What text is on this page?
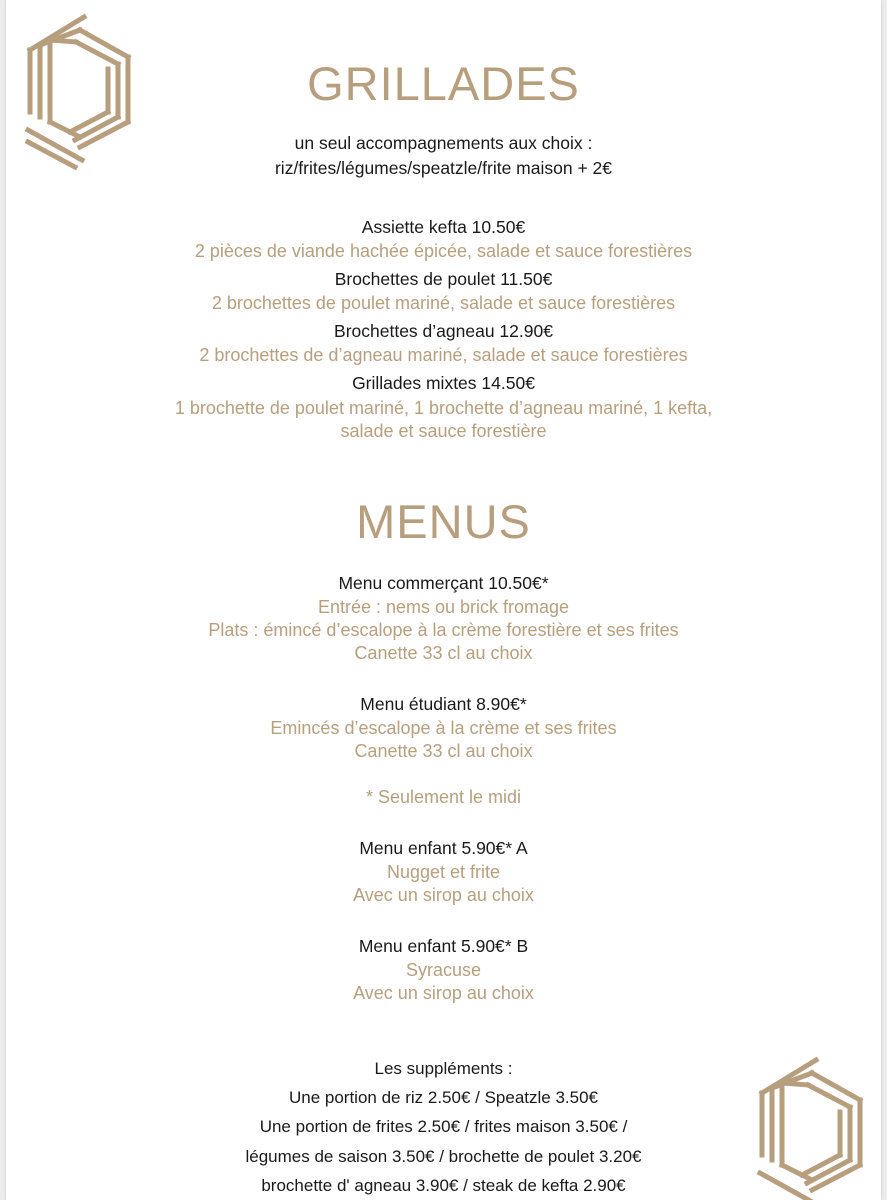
GRILLADES
un seul accompagnements aux choix :
riz/frites/légumes/speatzle/frite maison + 2€
Assiette kefta 10.50€
2 pièces de viande hachée épicée, salade et sauce forestières
Brochettes de poulet 11.50€
2 brochettes de poulet mariné, salade et sauce forestières
Brochettes d’agneau 12.90€
2 brochettes de d’agneau mariné, salade et sauce forestières
Grillades mixtes 14.50€
1 brochette de poulet mariné, 1 brochette d’agneau mariné, 1 kefta,
salade et sauce forestière
MENUS
Menu commerçant 10.50€*
Entrée : nems ou brick fromage
Plats : émincé d’escalope à la crème forestière et ses frites
Canette 33 cl au choix
Menu étudiant 8.90€*
Emincés d’escalope à la crème et ses frites
Canette 33 cl au choix
* Seulement le midi
Menu enfant 5.90€* A
Nugget et frite
Avec un sirop au choix
Menu enfant 5.90€* B
Syracuse
Avec un sirop au choix
Les suppléments :
Une portion de riz 2.50€ / Speatzle 3.50€
Une portion de frites 2.50€ / frites maison 3.50€ /
légumes de saison 3.50€ / brochette de poulet 3.20€
brochette d' agneau 3.90€ / steak de kefta 2.90€
